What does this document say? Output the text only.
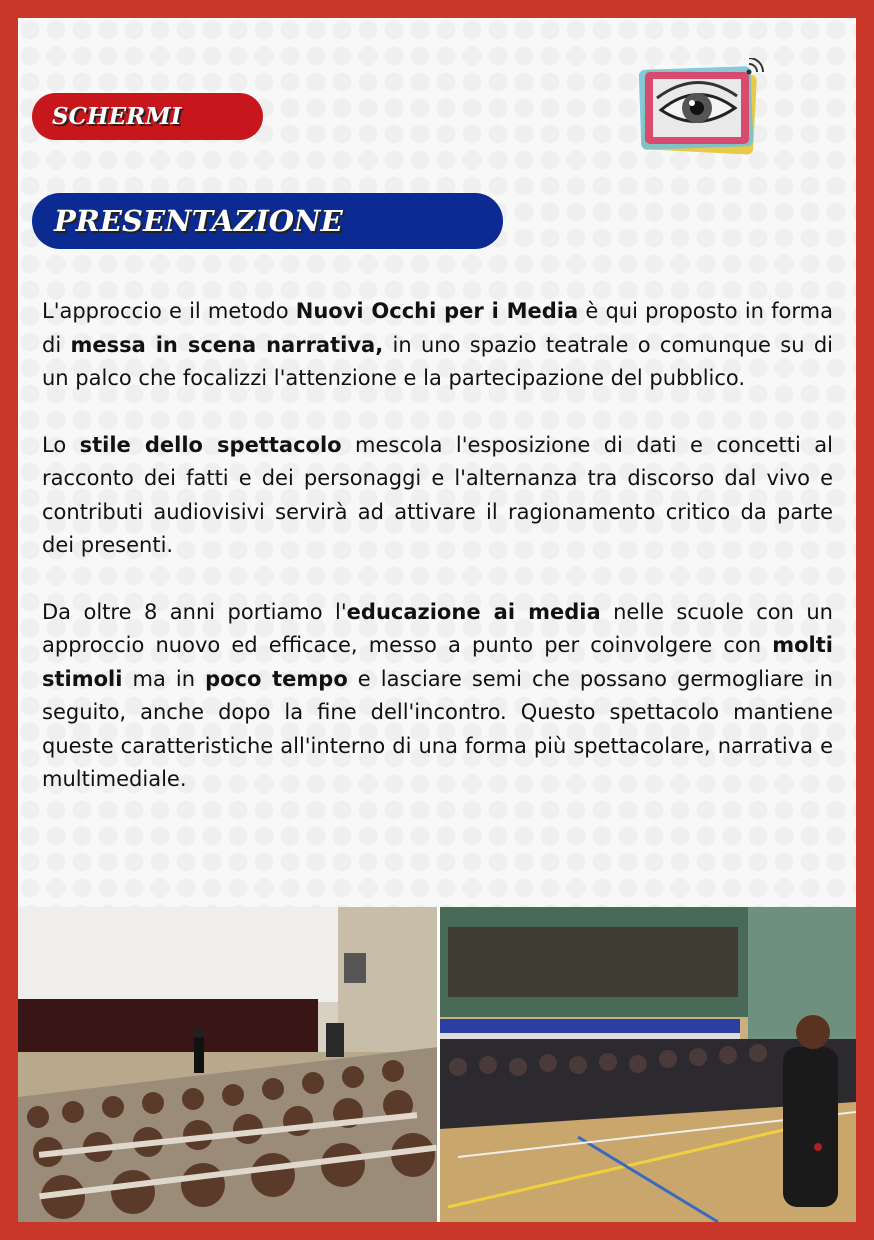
SCHERMI
PRESENTAZIONE

L'approccio e il metodo Nuovi Occhi per i Media è qui proposto in forma di messa in scena narrativa, in uno spazio teatrale o comunque su di un palco che focalizzi l'attenzione e la partecipazione del pubblico.

Lo stile dello spettacolo mescola l'esposizione di dati e concetti al racconto dei fatti e dei personaggi e l'alternanza tra discorso dal vivo e contributi audiovisivi servirà ad attivare il ragionamento critico da parte dei presenti.

Da oltre 8 anni portiamo l'educazione ai media nelle scuole con un approccio nuovo ed efficace, messo a punto per coinvolgere con molti stimoli ma in poco tempo e lasciare semi che possano germogliare in seguito, anche dopo la fine dell'incontro. Questo spettacolo mantiene queste caratteristiche all'interno di una forma più spettacolare, narrativa e multimediale.
